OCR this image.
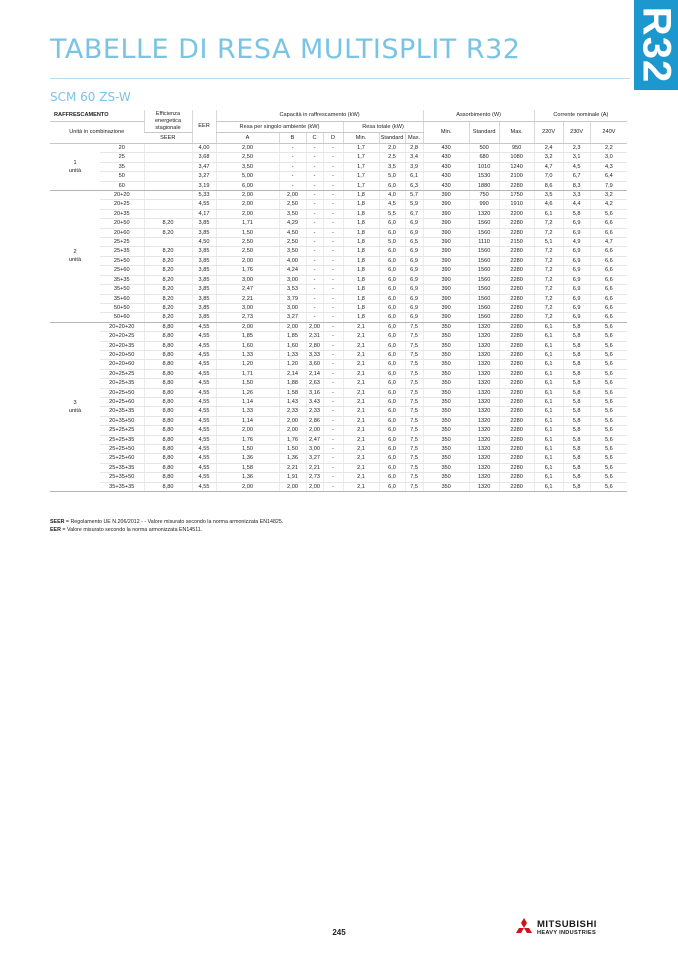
R32
TABELLE DI RESA MULTISPLIT R32
SCM 60 ZS-W
RAFFRESCAMENTO		Efficienza energetica stagionale	EER	Capacità in raffrescamento (kW)							Assorbimento (W)			Corrente nominale (A)		
Unità in combinazione				Resa per singolo ambiente (kW)				Resa totale (kW)			Min.	Standard	Max.	220V	230V	240V
		SEER		A	B	C	D	Min.	Standard	Max.						

1
unità	20		4,00	2,00	-	-	-	1,7	2,0	2,8	430	500	950	2,4	2,3	2,2
	25		3,68	2,50	-	-	-	1,7	2,5	3,4	430	680	1080	3,2	3,1	3,0
	35		3,47	3,50	-	-	-	1,7	3,5	3,9	430	1010	1240	4,7	4,5	4,3
	50		3,27	5,00	-	-	-	1,7	5,0	6,1	430	1530	2100	7,0	6,7	6,4
	60		3,19	6,00	-	-	-	1,7	6,0	6,3	430	1880	2280	8,6	8,3	7,9

2
unità	20+20		5,33	2,00	2,00	-	-	1,8	4,0	5,7	390	750	1750	3,5	3,3	3,2
	20+25		4,55	2,00	2,50	-	-	1,8	4,5	5,9	390	990	1910	4,6	4,4	4,2
	20+35		4,17	2,00	3,50	-	-	1,8	5,5	6,7	390	1320	2200	6,1	5,8	5,6
	20+50	8,20	3,85	1,71	4,29	-	-	1,8	6,0	6,9	390	1560	2280	7,2	6,9	6,6
	20+60	8,20	3,85	1,50	4,50	-	-	1,8	6,0	6,9	390	1560	2280	7,2	6,9	6,6
	25+25		4,50	2,50	2,50	-	-	1,8	5,0	6,5	390	1110	2150	5,1	4,9	4,7
	25+35	8,20	3,85	2,50	3,50	-	-	1,8	6,0	6,9	390	1560	2280	7,2	6,9	6,6
	25+50	8,20	3,85	2,00	4,00	-	-	1,8	6,0	6,9	390	1560	2280	7,2	6,9	6,6
	25+60	8,20	3,85	1,76	4,24	-	-	1,8	6,0	6,9	390	1560	2280	7,2	6,9	6,6
	35+35	8,20	3,85	3,00	3,00	-	-	1,8	6,0	6,9	390	1560	2280	7,2	6,9	6,6
	35+50	8,20	3,85	2,47	3,53	-	-	1,8	6,0	6,9	390	1560	2280	7,2	6,9	6,6
	35+60	8,20	3,85	2,21	3,79	-	-	1,8	6,0	6,9	390	1560	2280	7,2	6,9	6,6
	50+50	8,20	3,85	3,00	3,00	-	-	1,8	6,0	6,9	390	1560	2280	7,2	6,9	6,6
	50+60	8,20	3,85	2,73	3,27	-	-	1,8	6,0	6,9	390	1560	2280	7,2	6,9	6,6

3
unità	20+20+20	8,80	4,55	2,00	2,00	2,00	-	2,1	6,0	7,5	350	1320	2280	6,1	5,8	5,6
	20+20+25	8,80	4,55	1,85	1,85	2,31	-	2,1	6,0	7,5	350	1320	2280	6,1	5,8	5,6
	20+20+35	8,80	4,55	1,60	1,60	2,80	-	2,1	6,0	7,5	350	1320	2280	6,1	5,8	5,6
	20+20+50	8,80	4,55	1,33	1,33	3,33	-	2,1	6,0	7,5	350	1320	2280	6,1	5,8	5,6
	20+20+60	8,80	4,55	1,20	1,20	3,60	-	2,1	6,0	7,5	350	1320	2280	6,1	5,8	5,6
	20+25+25	8,80	4,55	1,71	2,14	2,14	-	2,1	6,0	7,5	350	1320	2280	6,1	5,8	5,6
	20+25+35	8,80	4,55	1,50	1,88	2,63	-	2,1	6,0	7,5	350	1320	2280	6,1	5,8	5,6
	20+25+50	8,80	4,55	1,26	1,58	3,16	-	2,1	6,0	7,5	350	1320	2280	6,1	5,8	5,6
	20+25+60	8,80	4,55	1,14	1,43	3,43	-	2,1	6,0	7,5	350	1320	2280	6,1	5,8	5,6
	20+35+35	8,80	4,55	1,33	2,33	2,33	-	2,1	6,0	7,5	350	1320	2280	6,1	5,8	5,6
	20+35+50	8,80	4,55	1,14	2,00	2,86	-	2,1	6,0	7,5	350	1320	2280	6,1	5,8	5,6
	25+25+25	8,80	4,55	2,00	2,00	2,00	-	2,1	6,0	7,5	350	1320	2280	6,1	5,8	5,6
	25+25+35	8,80	4,55	1,76	1,76	2,47	-	2,1	6,0	7,5	350	1320	2280	6,1	5,8	5,6
	25+25+50	8,80	4,55	1,50	1,50	3,00	-	2,1	6,0	7,5	350	1320	2280	6,1	5,8	5,6
	25+25+60	8,80	4,55	1,36	1,36	3,27	-	2,1	6,0	7,5	350	1320	2280	6,1	5,8	5,6
	25+35+35	8,80	4,55	1,58	2,21	2,21	-	2,1	6,0	7,5	350	1320	2280	6,1	5,8	5,6
	25+35+50	8,80	4,55	1,36	1,91	2,73	-	2,1	6,0	7,5	350	1320	2280	6,1	5,8	5,6
	35+35+35	8,80	4,55	2,00	2,00	2,00	-	2,1	6,0	7,5	350	1320	2280	6,1	5,8	5,6
SEER = Regolamento UE N.206/2012 - - Valore misurato secondo la norma armonizzata EN14825.
EER = Valore misurato secondo la norma armonizzata EN14511.
245
MITSUBISHI
HEAVY INDUSTRIES
